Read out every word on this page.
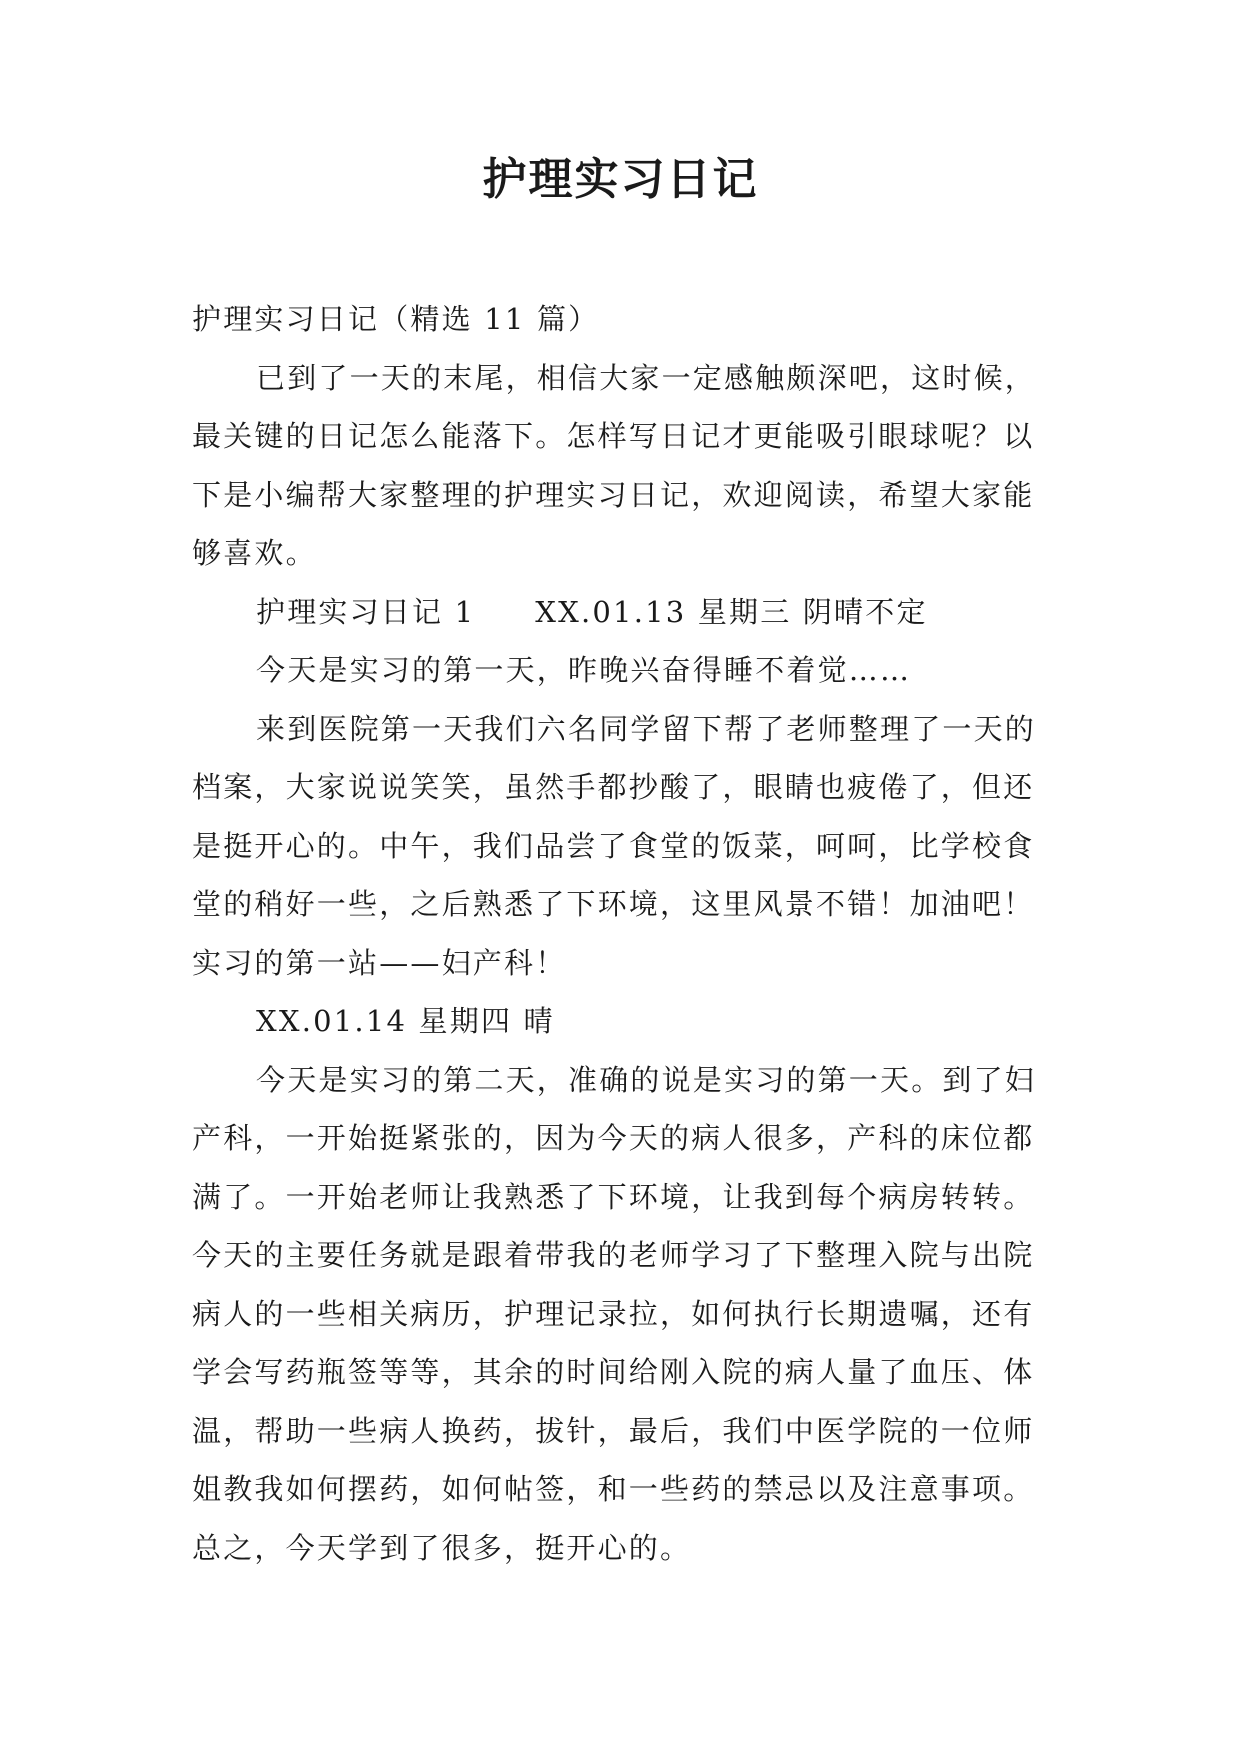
护理实习日记

护理实习日记（精选 11 篇）

已到了一天的末尾，相信大家一定感触颇深吧，这时候，最关键的日记怎么能落下。怎样写日记才更能吸引眼球呢？以下是小编帮大家整理的护理实习日记，欢迎阅读，希望大家能够喜欢。

护理实习日记 1 XX.01.13 星期三 阴晴不定

今天是实习的第一天，昨晚兴奋得睡不着觉……

来到医院第一天我们六名同学留下帮了老师整理了一天的档案，大家说说笑笑，虽然手都抄酸了，眼睛也疲倦了，但还是挺开心的。中午，我们品尝了食堂的饭菜，呵呵，比学校食堂的稍好一些，之后熟悉了下环境，这里风景不错！加油吧！实习的第一站——妇产科！

XX.01.14 星期四 晴

今天是实习的第二天，准确的说是实习的第一天。到了妇产科，一开始挺紧张的，因为今天的病人很多，产科的床位都满了。一开始老师让我熟悉了下环境，让我到每个病房转转。今天的主要任务就是跟着带我的老师学习了下整理入院与出院病人的一些相关病历，护理记录拉，如何执行长期遗嘱，还有学会写药瓶签等等，其余的时间给刚入院的病人量了血压、体温，帮助一些病人换药，拔针，最后，我们中医学院的一位师姐教我如何摆药，如何帖签，和一些药的禁忌以及注意事项。总之，今天学到了很多，挺开心的。
